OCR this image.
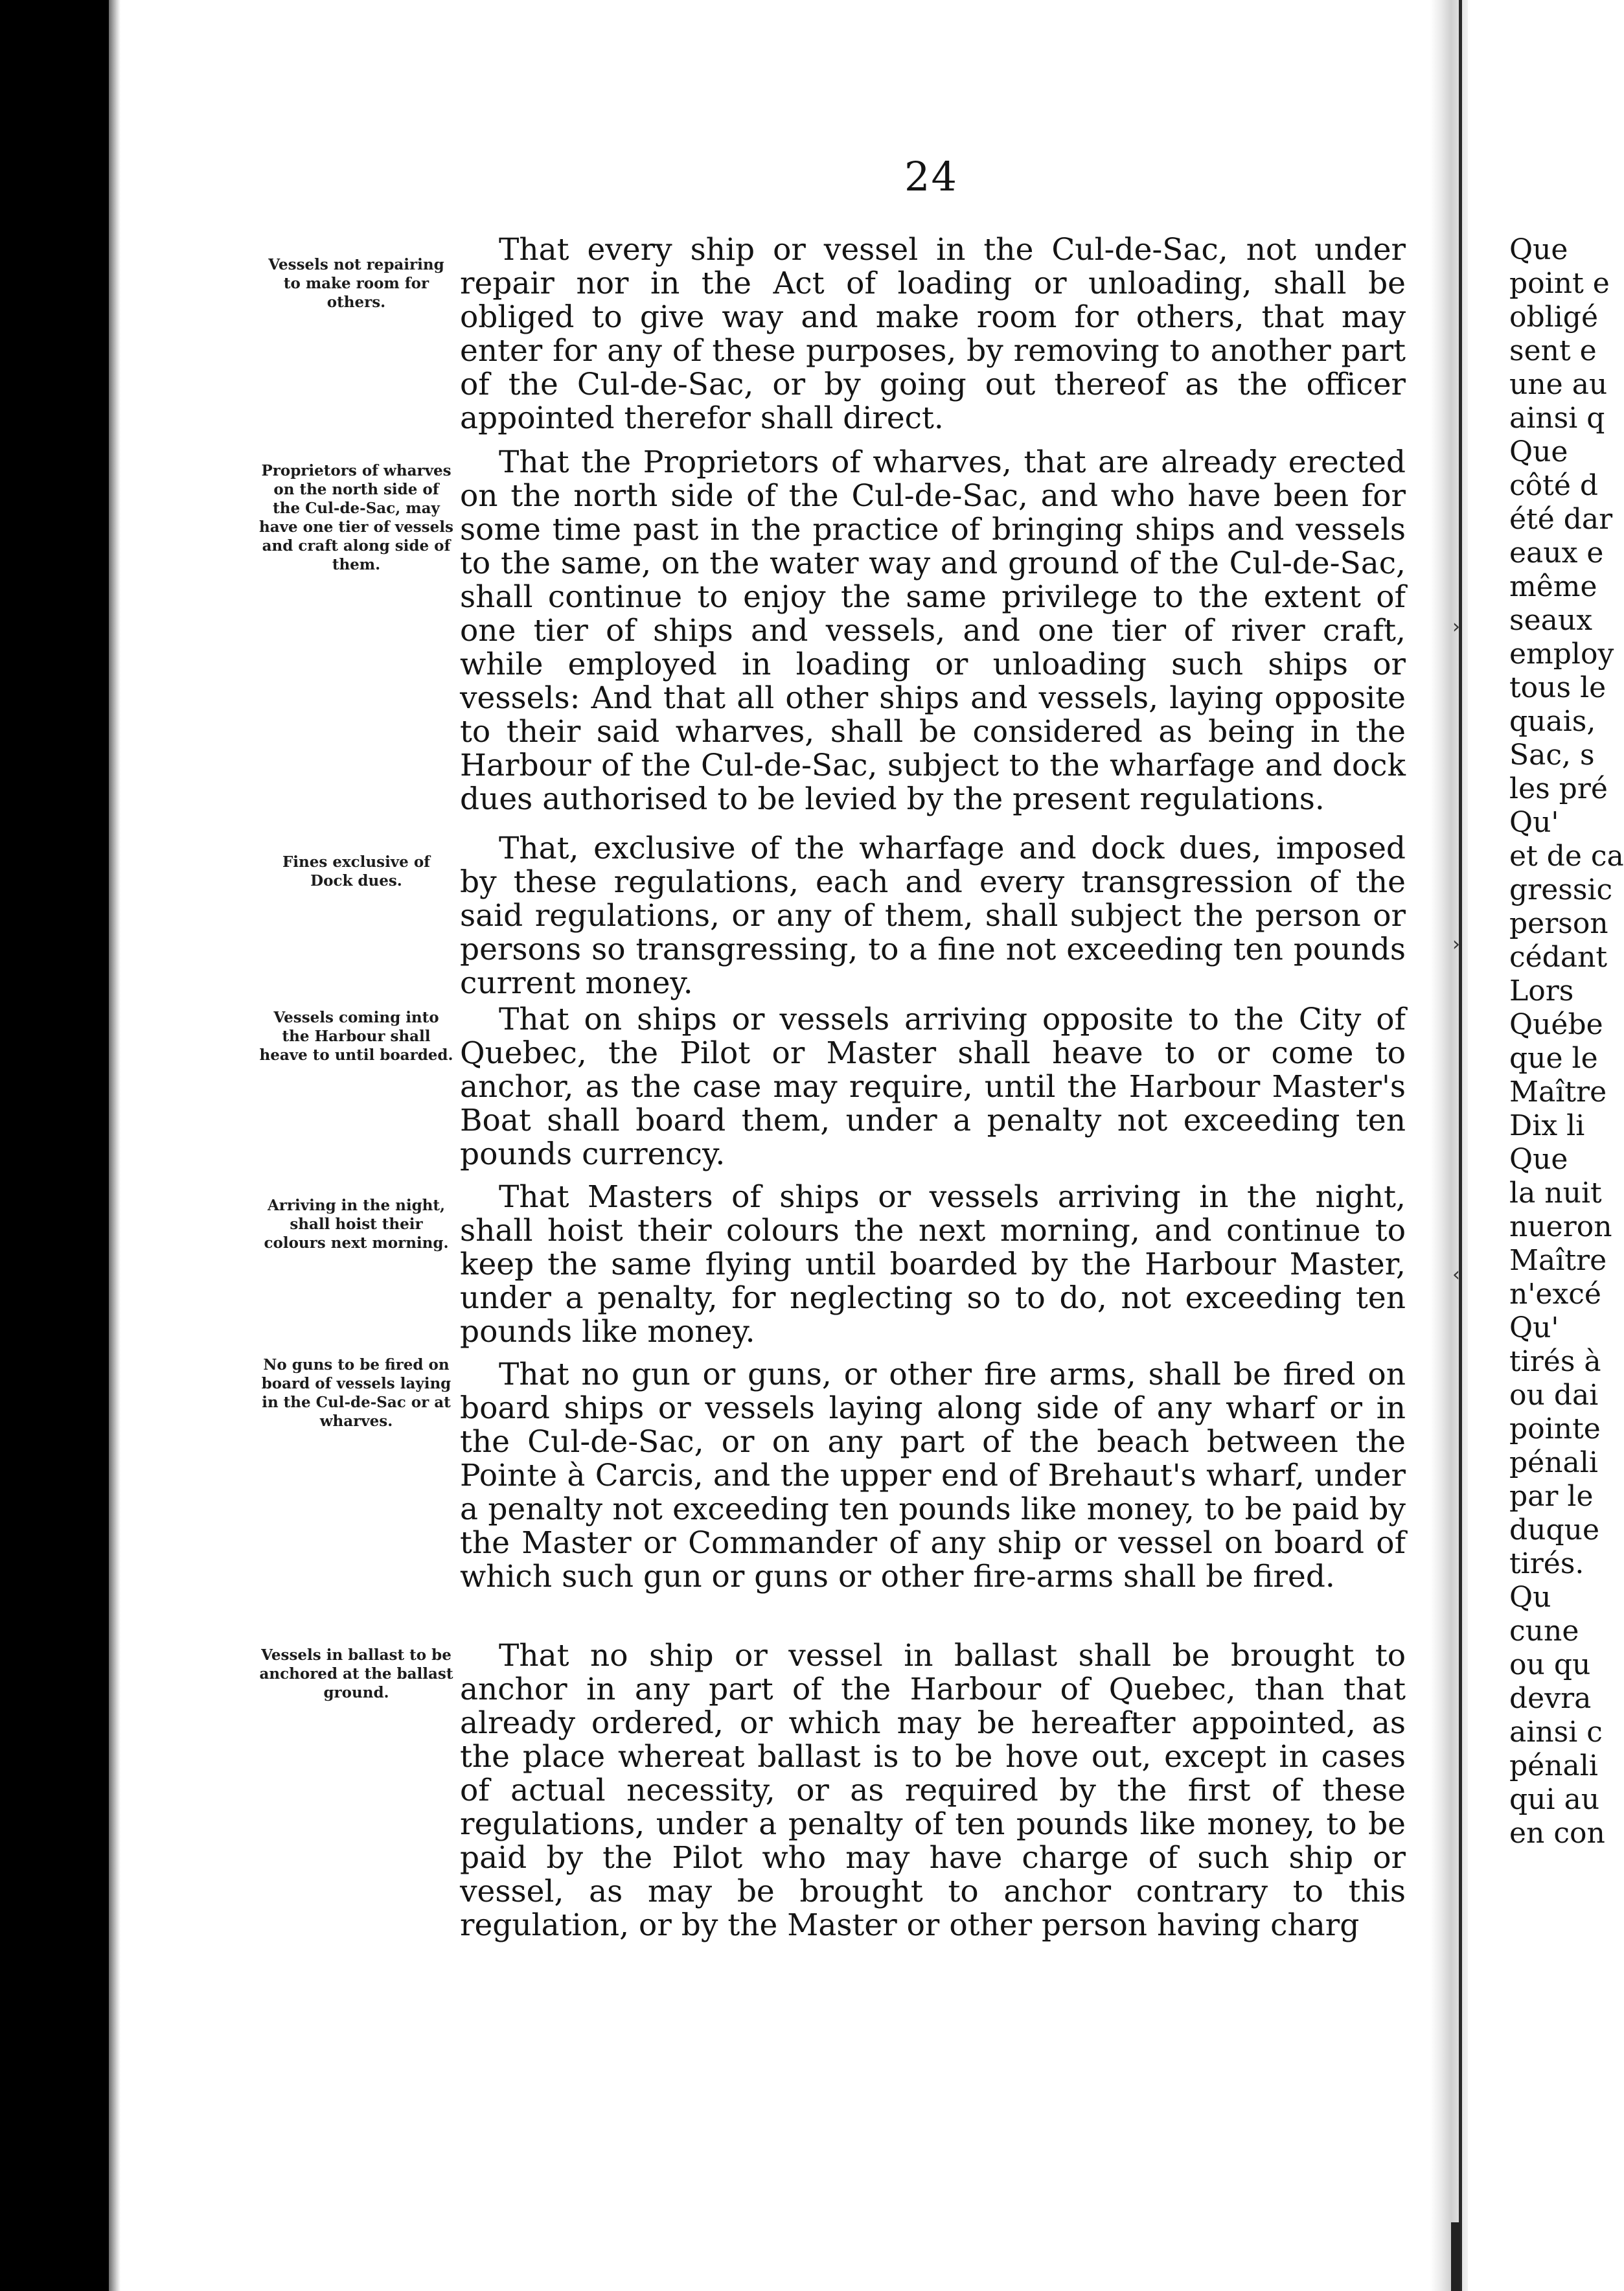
›
›
‹
24
Vessels not repairing to make room for others.
That every ship or vessel in the Cul-de-Sac, not under repair nor in the Act of loading or unloading, shall be obliged to give way and make room for others, that may enter for any of these purposes, by removing to another part of the Cul-de-Sac, or by going out thereof as the officer appointed therefor shall direct.
Proprietors of wharves on the north side of the Cul-de-Sac, may have one tier of vessels and craft along side of them.
That the Proprietors of wharves, that are already erected on the north side of the Cul-de-Sac, and who have been for some time past in the practice of bringing ships and vessels to the same, on the water way and ground of the Cul-de-Sac, shall continue to enjoy the same privilege to the extent of one tier of ships and vessels, and one tier of river craft, while employed in loading or unloading such ships or vessels: And that all other ships and vessels, laying opposite to their said wharves, shall be considered as being in the Harbour of the Cul-de-Sac, subject to the wharfage and dock dues authorised to be levied by the present regulations.
Fines exclusive of Dock dues.
That, exclusive of the wharfage and dock dues, imposed by these regulations, each and every transgression of the said regulations, or any of them, shall subject the person or persons so transgressing, to a fine not exceeding ten pounds current money.
Vessels coming into the Harbour shall heave to until boarded.
That on ships or vessels arriving opposite to the City of Quebec, the Pilot or Master shall heave to or come to anchor, as the case may require, until the Harbour Master's Boat shall board them, under a penalty not exceeding ten pounds currency.
Arriving in the night, shall hoist their colours next morning.
That Masters of ships or vessels arriving in the night, shall hoist their colours the next morning, and continue to keep the same flying until boarded by the Harbour Master, under a penalty, for neglecting so to do, not exceeding ten pounds like money.
No guns to be fired on board of vessels laying in the Cul-de-Sac or at wharves.
That no gun or guns, or other fire arms, shall be fired on board ships or vessels laying along side of any wharf or in the Cul-de-Sac, or on any part of the beach between the Pointe à Carcis, and the upper end of Brehaut's wharf, under a penalty not exceeding ten pounds like money, to be paid by the Master or Commander of any ship or vessel on board of which such gun or guns or other fire-arms shall be fired.
Vessels in ballast to be anchored at the ballast ground.
That no ship or vessel in ballast shall be brought to anchor in any part of the Harbour of Quebec, than that already ordered, or which may be hereafter appointed, as the place whereat ballast is to be hove out, except in cases of actual necessity, or as required by the first of these regulations, under a penalty of ten pounds like money, to be paid by the Pilot who may have charge of such ship or vessel, as may be brought to anchor contrary to this regulation, or by the Master or other person having charg
Que
point e
obligé
sent e
une au
ainsi q
Que
côté d
été dar
eaux e
même
seaux
employ
tous le
quais,
Sac, s
les pré
Qu'
et de ca
gressic
person
cédant
Lors
Québe
que le
Maître
Dix li
Que
la nuit
nueron
Maître
n'excé
Qu'
tirés à
ou dai
pointe
pénali
par le
duque
tirés.
Qu
cune
ou qu
devra
ainsi c
pénali
qui au
en con
